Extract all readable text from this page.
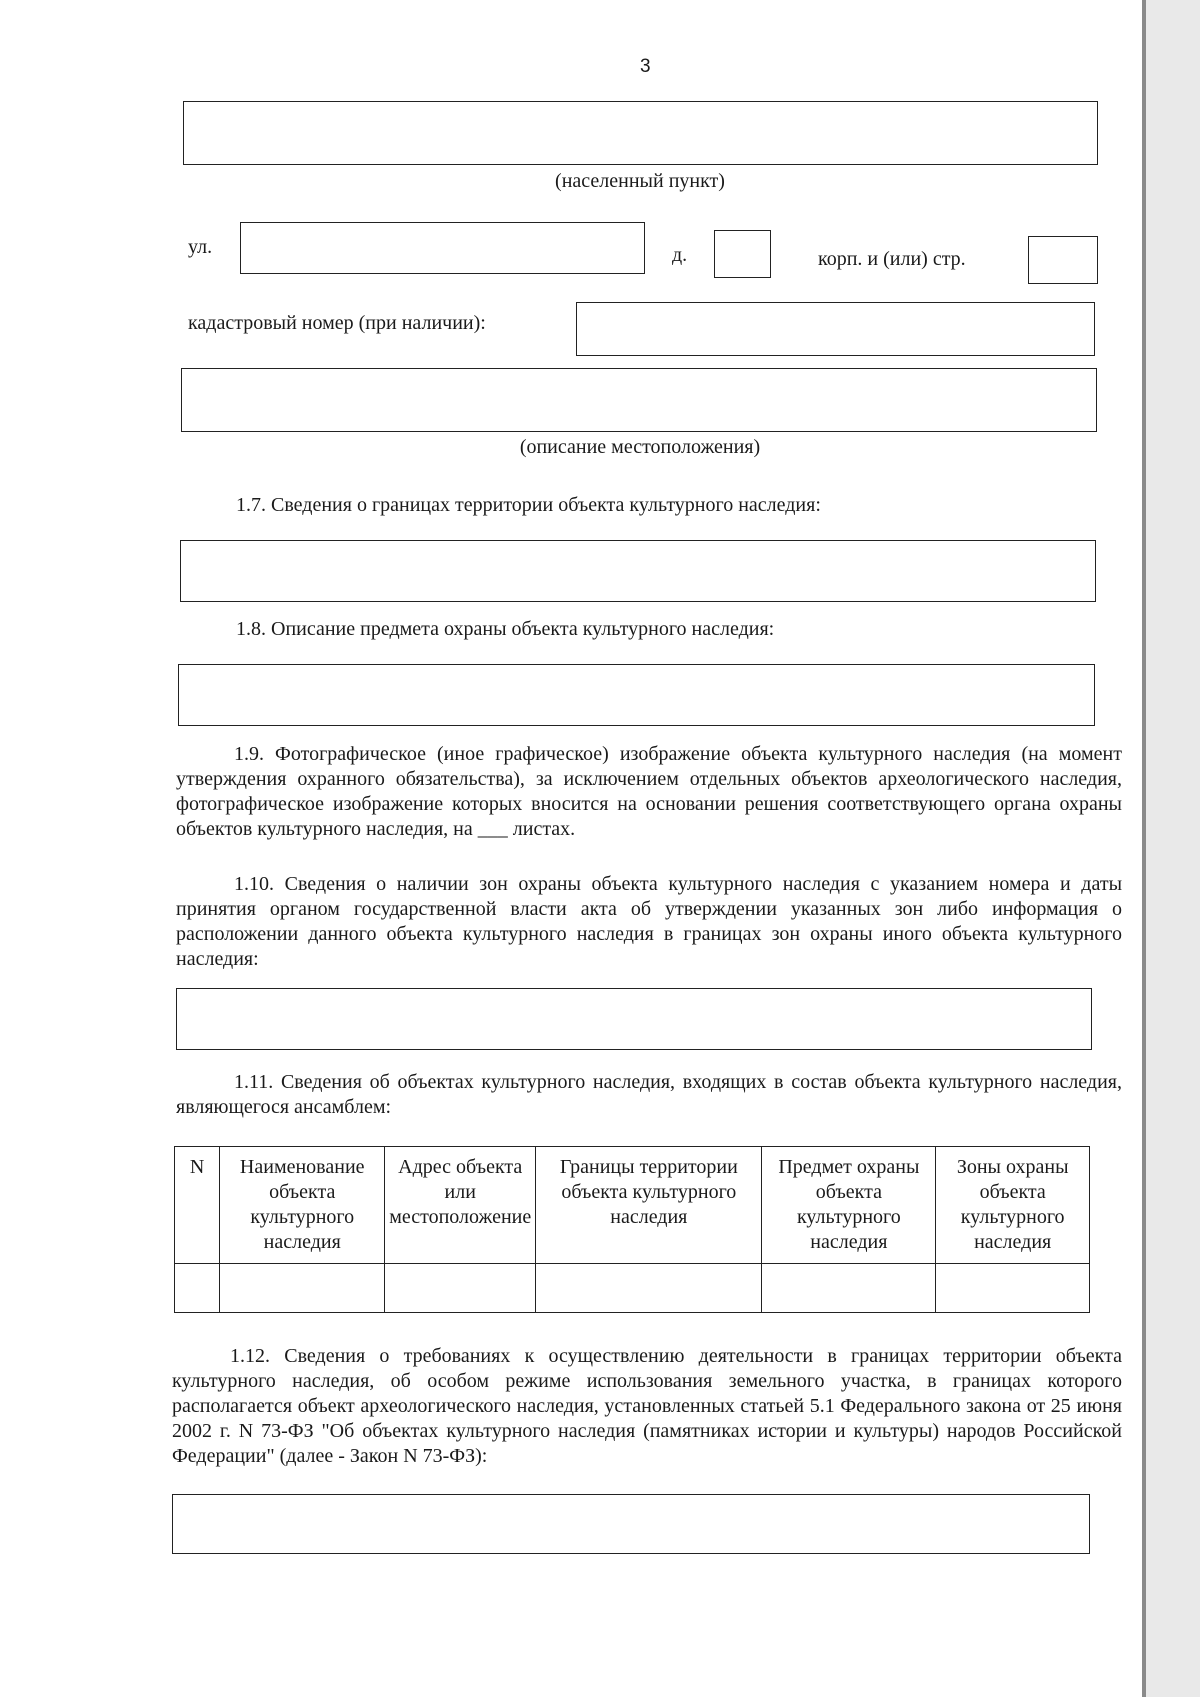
3
(населенный пункт)
ул.	д.	корп. и (или) стр.
кадастровый номер (при наличии):
(описание местоположения)
1.7. Сведения о границах территории объекта культурного наследия:
1.8. Описание предмета охраны объекта культурного наследия:
1.9. Фотографическое (иное графическое) изображение объекта культурного наследия (на момент утверждения охранного обязательства), за исключением отдельных объектов археологического наследия, фотографическое изображение которых вносится на основании решения соответствующего органа охраны объектов культурного наследия, на ___ листах.
1.10. Сведения о наличии зон охраны объекта культурного наследия с указанием номера и даты принятия органом государственной власти акта об утверждении указанных зон либо информация о расположении данного объекта культурного наследия в границах зон охраны иного объекта культурного наследия:
1.11. Сведения об объектах культурного наследия, входящих в состав объекта культурного наследия, являющегося ансамблем:
N	Наименование объекта культурного наследия	Адрес объекта или местоположение	Границы территории объекта культурного наследия	Предмет охраны объекта культурного наследия	Зоны охраны объекта культурного наследия

1.12. Сведения о требованиях к осуществлению деятельности в границах территории объекта культурного наследия, об особом режиме использования земельного участка, в границах которого располагается объект археологического наследия, установленных статьей 5.1 Федерального закона от 25 июня 2002 г. N 73-ФЗ "Об объектах культурного наследия (памятниках истории и культуры) народов Российской Федерации" (далее - Закон N 73-ФЗ):
